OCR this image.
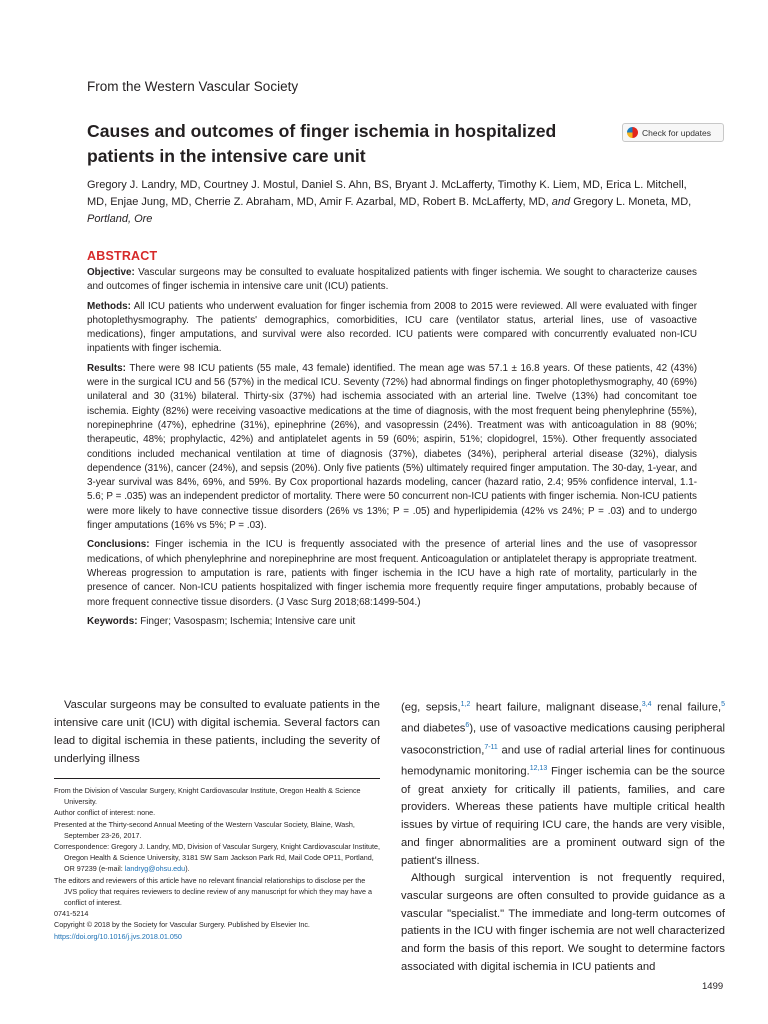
From the Western Vascular Society
Causes and outcomes of finger ischemia in hospitalized patients in the intensive care unit
Check for updates
Gregory J. Landry, MD, Courtney J. Mostul, Daniel S. Ahn, BS, Bryant J. McLafferty, Timothy K. Liem, MD, Erica L. Mitchell, MD, Enjae Jung, MD, Cherrie Z. Abraham, MD, Amir F. Azarbal, MD, Robert B. McLafferty, MD, and Gregory L. Moneta, MD, Portland, Ore
ABSTRACT

Objective: Vascular surgeons may be consulted to evaluate hospitalized patients with finger ischemia. We sought to characterize causes and outcomes of finger ischemia in intensive care unit (ICU) patients.

Methods: All ICU patients who underwent evaluation for finger ischemia from 2008 to 2015 were reviewed. All were evaluated with finger photoplethysmography. The patients' demographics, comorbidities, ICU care (ventilator status, arterial lines, use of vasoactive medications), finger amputations, and survival were also recorded. ICU patients were compared with concurrently evaluated non-ICU inpatients with finger ischemia.

Results: There were 98 ICU patients (55 male, 43 female) identified. The mean age was 57.1 ± 16.8 years. Of these patients, 42 (43%) were in the surgical ICU and 56 (57%) in the medical ICU. Seventy (72%) had abnormal findings on finger photoplethysmography, 40 (69%) unilateral and 30 (31%) bilateral. Thirty-six (37%) had ischemia associated with an arterial line. Twelve (13%) had concomitant toe ischemia. Eighty (82%) were receiving vasoactive medications at the time of diagnosis, with the most frequent being phenylephrine (55%), norepinephrine (47%), ephedrine (31%), epinephrine (26%), and vasopressin (24%). Treatment was with anticoagulation in 88 (90%; therapeutic, 48%; prophylactic, 42%) and antiplatelet agents in 59 (60%; aspirin, 51%; clopidogrel, 15%). Other frequently associated conditions included mechanical ventilation at time of diagnosis (37%), diabetes (34%), peripheral arterial disease (32%), dialysis dependence (31%), cancer (24%), and sepsis (20%). Only five patients (5%) ultimately required finger amputation. The 30-day, 1-year, and 3-year survival was 84%, 69%, and 59%. By Cox proportional hazards modeling, cancer (hazard ratio, 2.4; 95% confidence interval, 1.1-5.6; P = .035) was an independent predictor of mortality. There were 50 concurrent non-ICU patients with finger ischemia. Non-ICU patients were more likely to have connective tissue disorders (26% vs 13%; P = .05) and hyperlipidemia (42% vs 24%; P = .03) and to undergo finger amputations (16% vs 5%; P = .03).

Conclusions: Finger ischemia in the ICU is frequently associated with the presence of arterial lines and the use of vasopressor medications, of which phenylephrine and norepinephrine are most frequent. Anticoagulation or antiplatelet therapy is appropriate treatment. Whereas progression to amputation is rare, patients with finger ischemia in the ICU have a high rate of mortality, particularly in the presence of cancer. Non-ICU patients hospitalized with finger ischemia more frequently require finger amputations, probably because of more frequent connective tissue disorders. (J Vasc Surg 2018;68:1499-504.)

Keywords: Finger; Vasospasm; Ischemia; Intensive care unit

Vascular surgeons may be consulted to evaluate patients in the intensive care unit (ICU) with digital ischemia. Several factors can lead to digital ischemia in these patients, including the severity of underlying illness

From the Division of Vascular Surgery, Knight Cardiovascular Institute, Oregon Health & Science University.
Author conflict of interest: none.
Presented at the Thirty-second Annual Meeting of the Western Vascular Society, Blaine, Wash, September 23-26, 2017.
Correspondence: Gregory J. Landry, MD, Division of Vascular Surgery, Knight Cardiovascular Institute, Oregon Health & Science University, 3181 SW Sam Jackson Park Rd, Mail Code OP11, Portland, OR 97239 (e-mail: landryg@ohsu.edu).
The editors and reviewers of this article have no relevant financial relationships to disclose per the JVS policy that requires reviewers to decline review of any manuscript for which they may have a conflict of interest.
0741-5214
Copyright © 2018 by the Society for Vascular Surgery. Published by Elsevier Inc.
https://doi.org/10.1016/j.jvs.2018.01.050

(eg, sepsis,$^{1,2}$ heart failure, malignant disease,$^{3,4}$ renal failure,$^5$ and diabetes$^6$), use of vasoactive medications causing peripheral vasoconstriction,$^{7-11}$ and use of radial arterial lines for continuous hemodynamic monitoring.$^{12,13}$ Finger ischemia can be the source of great anxiety for critically ill patients, families, and care providers. Whereas these patients have multiple critical health issues by virtue of requiring ICU care, the hands are very visible, and finger abnormalities are a prominent outward sign of the patient's illness.

Although surgical intervention is not frequently required, vascular surgeons are often consulted to provide guidance as a vascular "specialist." The immediate and long-term outcomes of patients in the ICU with finger ischemia are not well characterized and form the basis of this report. We sought to determine factors associated with digital ischemia in ICU patients and

1499
